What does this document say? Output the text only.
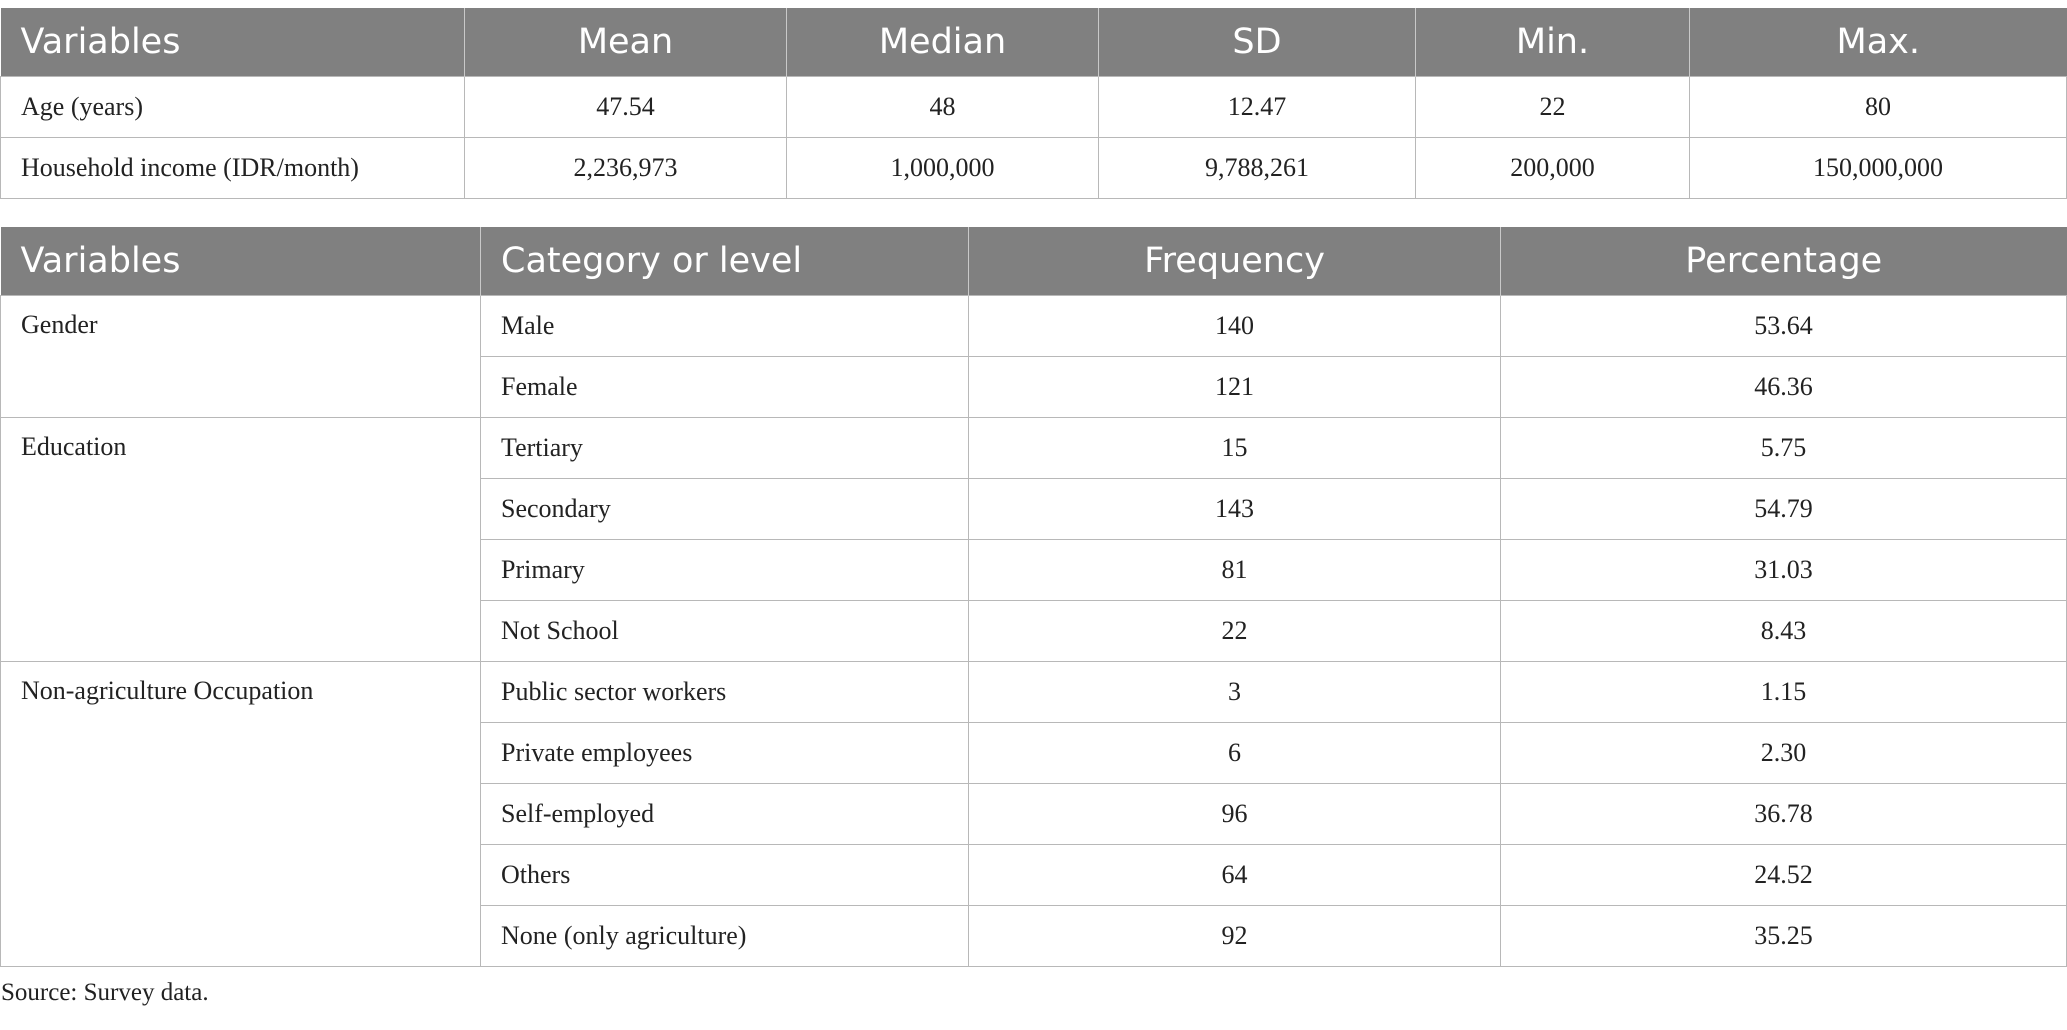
Variables	Mean	Median	SD	Min.	Max.
Age (years)	47.54	48	12.47	22	80
Household income (IDR/month)	2,236,973	1,000,000	9,788,261	200,000	150,000,000
Variables	Category or level	Frequency	Percentage
Gender	Male	140	53.64
	Female	121	46.36
Education	Tertiary	15	5.75
	Secondary	143	54.79
	Primary	81	31.03
	Not School	22	8.43
Non-agriculture Occupation	Public sector workers	3	1.15
	Private employees	6	2.30
	Self-employed	96	36.78
	Others	64	24.52
	None (only agriculture)	92	35.25
Source: Survey data.
